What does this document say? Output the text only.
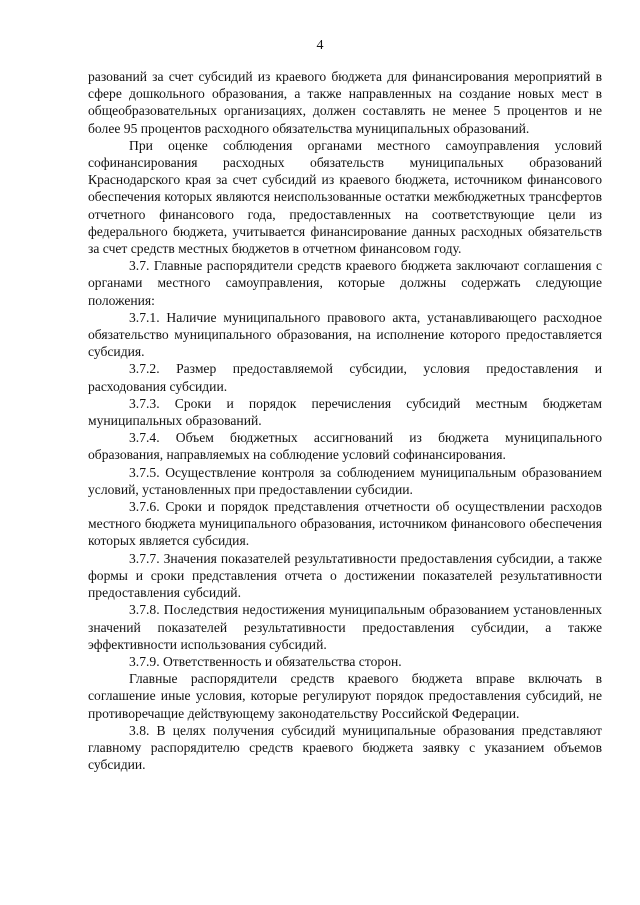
4

разований за счет субсидий из краевого бюджета для финансирования мероприятий в сфере дошкольного образования, а также направленных на создание новых мест в общеобразовательных организациях, должен составлять не менее 5 процентов и не более 95 процентов расходного обязательства муниципальных образований.

При оценке соблюдения органами местного самоуправления условий софинансирования расходных обязательств муниципальных образований Краснодарского края за счет субсидий из краевого бюджета, источником финансового обеспечения которых являются неиспользованные остатки межбюджетных трансфертов отчетного финансового года, предоставленных на соответствующие цели из федерального бюджета, учитывается финансирование данных расходных обязательств за счет средств местных бюджетов в отчетном финансовом году.

3.7. Главные распорядители средств краевого бюджета заключают соглашения с органами местного самоуправления, которые должны содержать следующие положения:

3.7.1. Наличие муниципального правового акта, устанавливающего расходное обязательство муниципального образования, на исполнение которого предоставляется субсидия.

3.7.2. Размер предоставляемой субсидии, условия предоставления и расходования субсидии.

3.7.3. Сроки и порядок перечисления субсидий местным бюджетам муниципальных образований.

3.7.4. Объем бюджетных ассигнований из бюджета муниципального образования, направляемых на соблюдение условий софинансирования.

3.7.5. Осуществление контроля за соблюдением муниципальным образованием условий, установленных при предоставлении субсидии.

3.7.6. Сроки и порядок представления отчетности об осуществлении расходов местного бюджета муниципального образования, источником финансового обеспечения которых является субсидия.

3.7.7. Значения показателей результативности предоставления субсидии, а также формы и сроки представления отчета о достижении показателей результативности предоставления субсидий.

3.7.8. Последствия недостижения муниципальным образованием установленных значений показателей результативности предоставления субсидии, а также эффективности использования субсидий.

3.7.9. Ответственность и обязательства сторон.

Главные распорядители средств краевого бюджета вправе включать в соглашение иные условия, которые регулируют порядок предоставления субсидий, не противоречащие действующему законодательству Российской Федерации.

3.8. В целях получения субсидий муниципальные образования представляют главному распорядителю средств краевого бюджета заявку с указанием объемов субсидии.
